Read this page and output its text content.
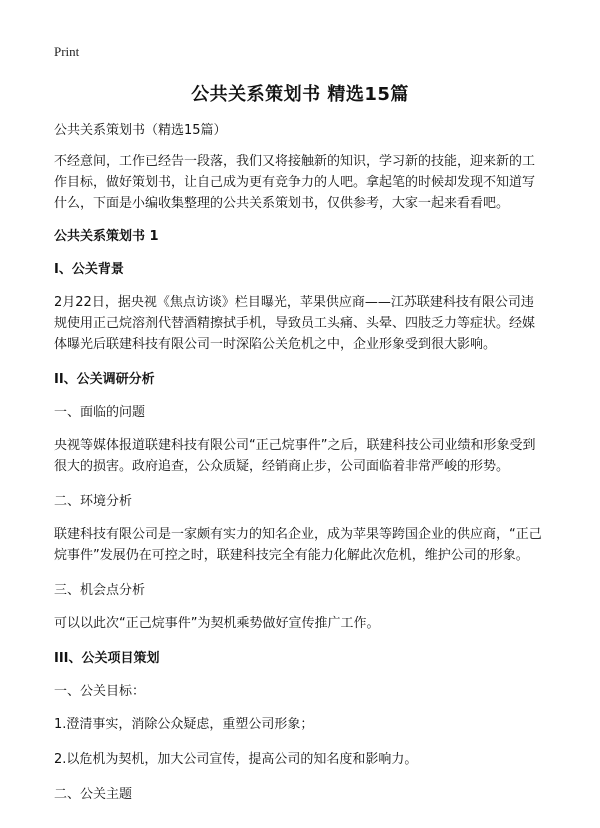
Print
公共关系策划书 精选15篇

公共关系策划书（精选15篇）

不经意间，工作已经告一段落，我们又将接触新的知识，学习新的技能，迎来新的工作目标，做好策划书，让自己成为更有竞争力的人吧。拿起笔的时候却发现不知道写什么，下面是小编收集整理的公共关系策划书，仅供参考，大家一起来看看吧。

公共关系策划书 1

I、公关背景

2月22日，据央视《焦点访谈》栏目曝光，苹果供应商——江苏联建科技有限公司违规使用正己烷溶剂代替酒精擦拭手机，导致员工头痛、头晕、四肢乏力等症状。经媒体曝光后联建科技有限公司一时深陷公关危机之中，企业形象受到很大影响。

II、公关调研分析

一、面临的问题

央视等媒体报道联建科技有限公司“正己烷事件”之后，联建科技公司业绩和形象受到很大的损害。政府追查，公众质疑，经销商止步，公司面临着非常严峻的形势。

二、环境分析

联建科技有限公司是一家颇有实力的知名企业，成为苹果等跨国企业的供应商，“正己烷事件”发展仍在可控之时，联建科技完全有能力化解此次危机，维护公司的形象。

三、机会点分析

可以以此次“正己烷事件”为契机乘势做好宣传推广工作。

III、公关项目策划

一、公关目标：

1.澄清事实，消除公众疑虑，重塑公司形象；

2.以危机为契机，加大公司宣传，提高公司的知名度和影响力。

二、公关主题
